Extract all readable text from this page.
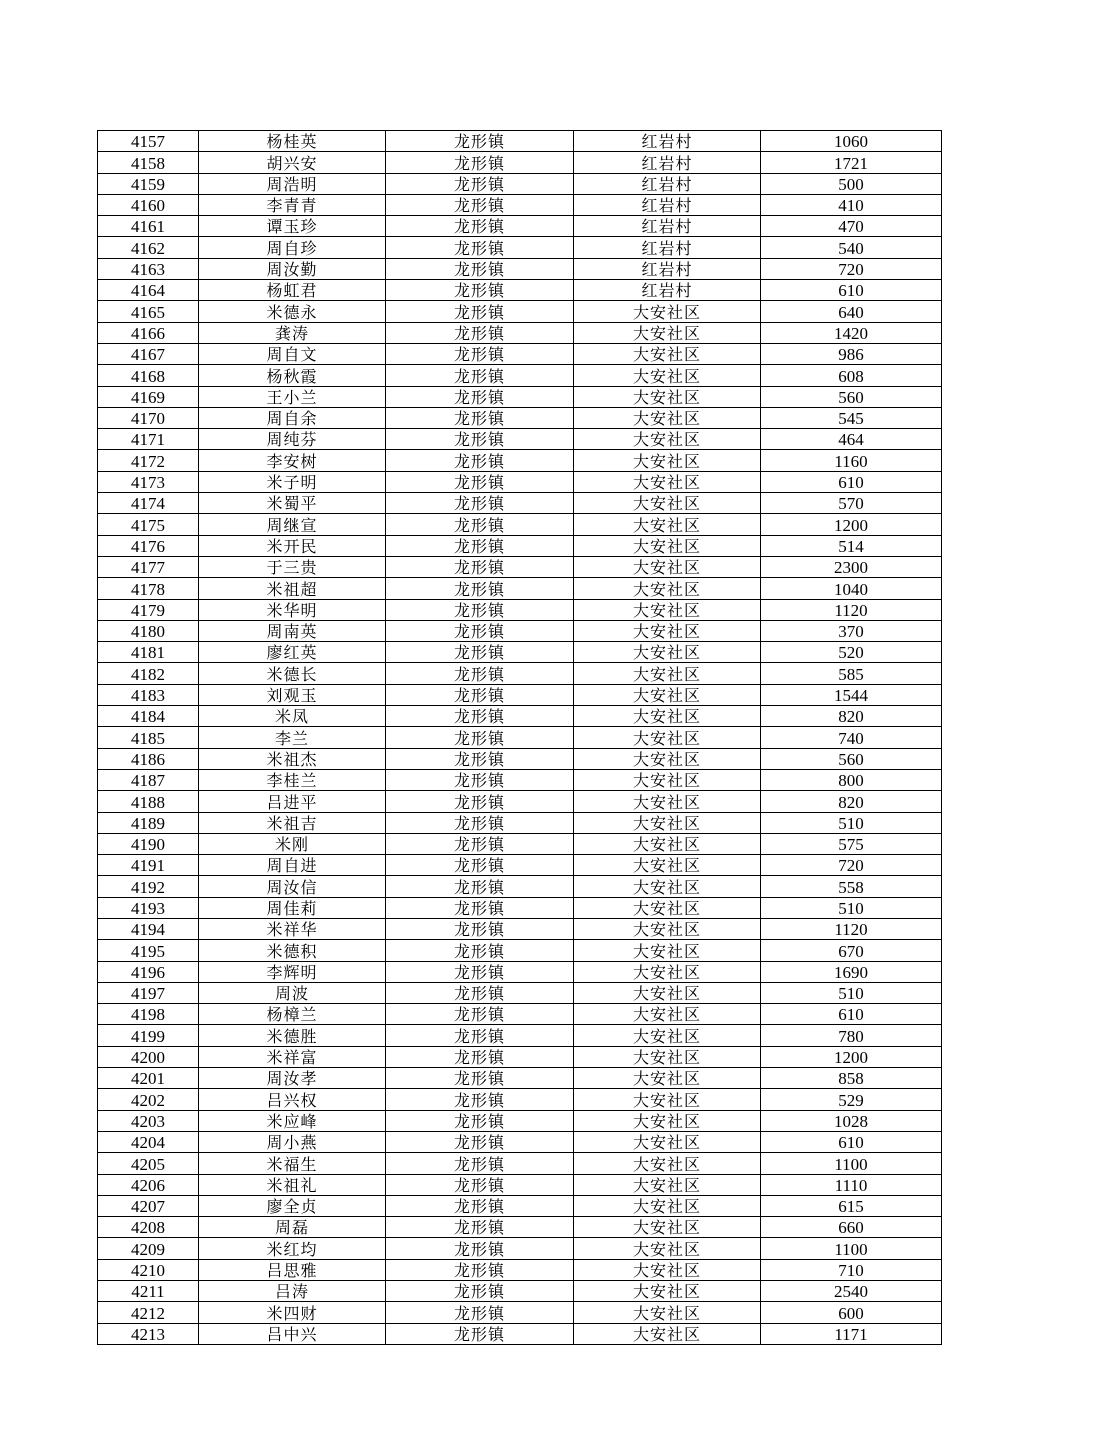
4157	杨桂英	龙形镇	红岩村	1060
4158	胡兴安	龙形镇	红岩村	1721
4159	周浩明	龙形镇	红岩村	500
4160	李青青	龙形镇	红岩村	410
4161	谭玉珍	龙形镇	红岩村	470
4162	周自珍	龙形镇	红岩村	540
4163	周汝勤	龙形镇	红岩村	720
4164	杨虹君	龙形镇	红岩村	610
4165	米德永	龙形镇	大安社区	640
4166	龚涛	龙形镇	大安社区	1420
4167	周自文	龙形镇	大安社区	986
4168	杨秋霞	龙形镇	大安社区	608
4169	王小兰	龙形镇	大安社区	560
4170	周自余	龙形镇	大安社区	545
4171	周纯芬	龙形镇	大安社区	464
4172	李安树	龙形镇	大安社区	1160
4173	米子明	龙形镇	大安社区	610
4174	米蜀平	龙形镇	大安社区	570
4175	周继宣	龙形镇	大安社区	1200
4176	米开民	龙形镇	大安社区	514
4177	于三贵	龙形镇	大安社区	2300
4178	米祖超	龙形镇	大安社区	1040
4179	米华明	龙形镇	大安社区	1120
4180	周南英	龙形镇	大安社区	370
4181	廖红英	龙形镇	大安社区	520
4182	米德长	龙形镇	大安社区	585
4183	刘观玉	龙形镇	大安社区	1544
4184	米凤	龙形镇	大安社区	820
4185	李兰	龙形镇	大安社区	740
4186	米祖杰	龙形镇	大安社区	560
4187	李桂兰	龙形镇	大安社区	800
4188	吕进平	龙形镇	大安社区	820
4189	米祖吉	龙形镇	大安社区	510
4190	米刚	龙形镇	大安社区	575
4191	周自进	龙形镇	大安社区	720
4192	周汝信	龙形镇	大安社区	558
4193	周佳莉	龙形镇	大安社区	510
4194	米祥华	龙形镇	大安社区	1120
4195	米德积	龙形镇	大安社区	670
4196	李辉明	龙形镇	大安社区	1690
4197	周波	龙形镇	大安社区	510
4198	杨樟兰	龙形镇	大安社区	610
4199	米德胜	龙形镇	大安社区	780
4200	米祥富	龙形镇	大安社区	1200
4201	周汝孝	龙形镇	大安社区	858
4202	吕兴权	龙形镇	大安社区	529
4203	米应峰	龙形镇	大安社区	1028
4204	周小燕	龙形镇	大安社区	610
4205	米福生	龙形镇	大安社区	1100
4206	米祖礼	龙形镇	大安社区	1110
4207	廖全贞	龙形镇	大安社区	615
4208	周磊	龙形镇	大安社区	660
4209	米红均	龙形镇	大安社区	1100
4210	吕思雅	龙形镇	大安社区	710
4211	吕涛	龙形镇	大安社区	2540
4212	米四财	龙形镇	大安社区	600
4213	吕中兴	龙形镇	大安社区	1171
